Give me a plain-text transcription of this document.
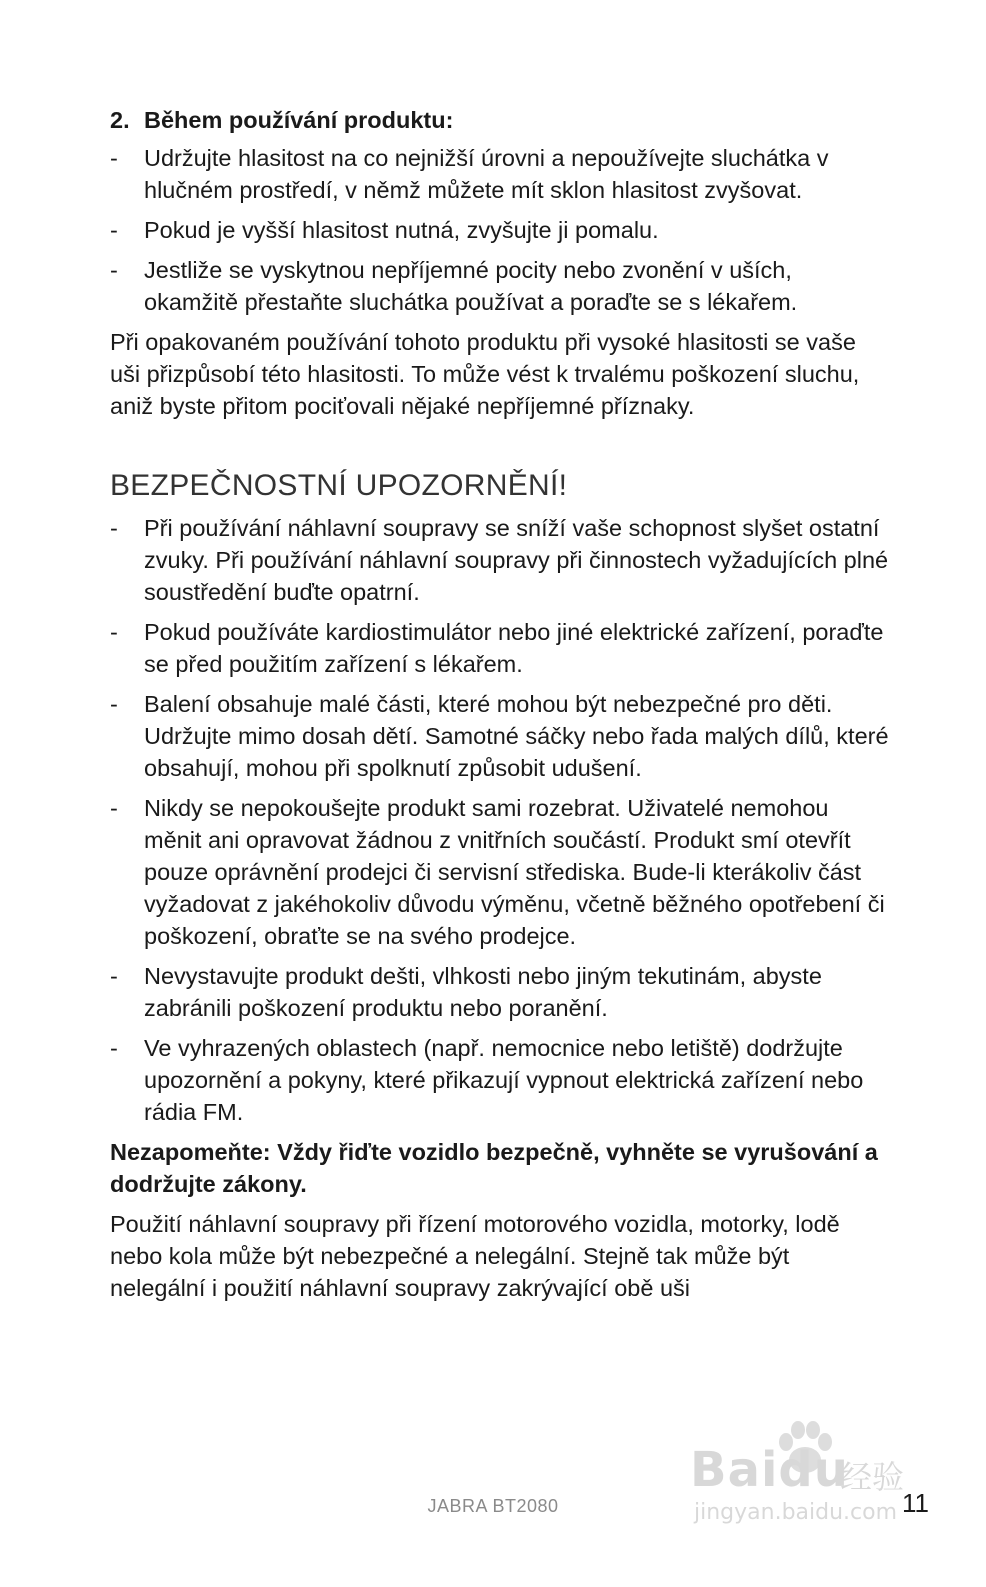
2. Během používání produktu:
-	Udržujte hlasitost na co nejnižší úrovni a nepoužívejte sluchátka v hlučném prostředí, v němž můžete mít sklon hlasitost zvyšovat.
-	Pokud je vyšší hlasitost nutná, zvyšujte ji pomalu.
-	Jestliže se vyskytnou nepříjemné pocity nebo zvonění v uších, okamžitě přestaňte sluchátka používat a poraďte se s lékařem.

Při opakovaném používání tohoto produktu při vysoké hlasitosti se vaše uši přizpůsobí této hlasitosti. To může vést k trvalému poškození sluchu, aniž byste přitom pociťovali nějaké nepříjemné příznaky.

BEZPEČNOSTNÍ UPOZORNĚNÍ!
-	Při používání náhlavní soupravy se sníží vaše schopnost slyšet ostatní zvuky. Při používání náhlavní soupravy při činnostech vyžadujících plné soustředění buďte opatrní.
-	Pokud používáte kardiostimulátor nebo jiné elektrické zařízení, poraďte se před použitím zařízení s lékařem.
-	Balení obsahuje malé části, které mohou být nebezpečné pro děti. Udržujte mimo dosah dětí. Samotné sáčky nebo řada malých dílů, které obsahují, mohou při spolknutí způsobit udušení.
-	Nikdy se nepokoušejte produkt sami rozebrat. Uživatelé nemohou měnit ani opravovat žádnou z vnitřních součástí. Produkt smí otevřít pouze oprávnění prodejci či servisní střediska. Bude-li kterákoliv část vyžadovat z jakéhokoliv důvodu výměnu, včetně běžného opotřebení či poškození, obraťte se na svého prodejce.
-	Nevystavujte produkt dešti, vlhkosti nebo jiným tekutinám, abyste zabránili poškození produktu nebo poranění.
-	Ve vyhrazených oblastech (např. nemocnice nebo letiště) dodržujte upozornění a pokyny, které přikazují vypnout elektrická zařízení nebo rádia FM.

Nezapomeňte: Vždy řiďte vozidlo bezpečně, vyhněte se vyrušování a dodržujte zákony.

Použití náhlavní soupravy při řízení motorového vozidla, motorky, lodě nebo kola může být nebezpečné a nelegální. Stejně tak může být nelegální i použití náhlavní soupravy zakrývající obě uši

JABRA BT2080	11
Baidu
经验
jingyan.baidu.com
